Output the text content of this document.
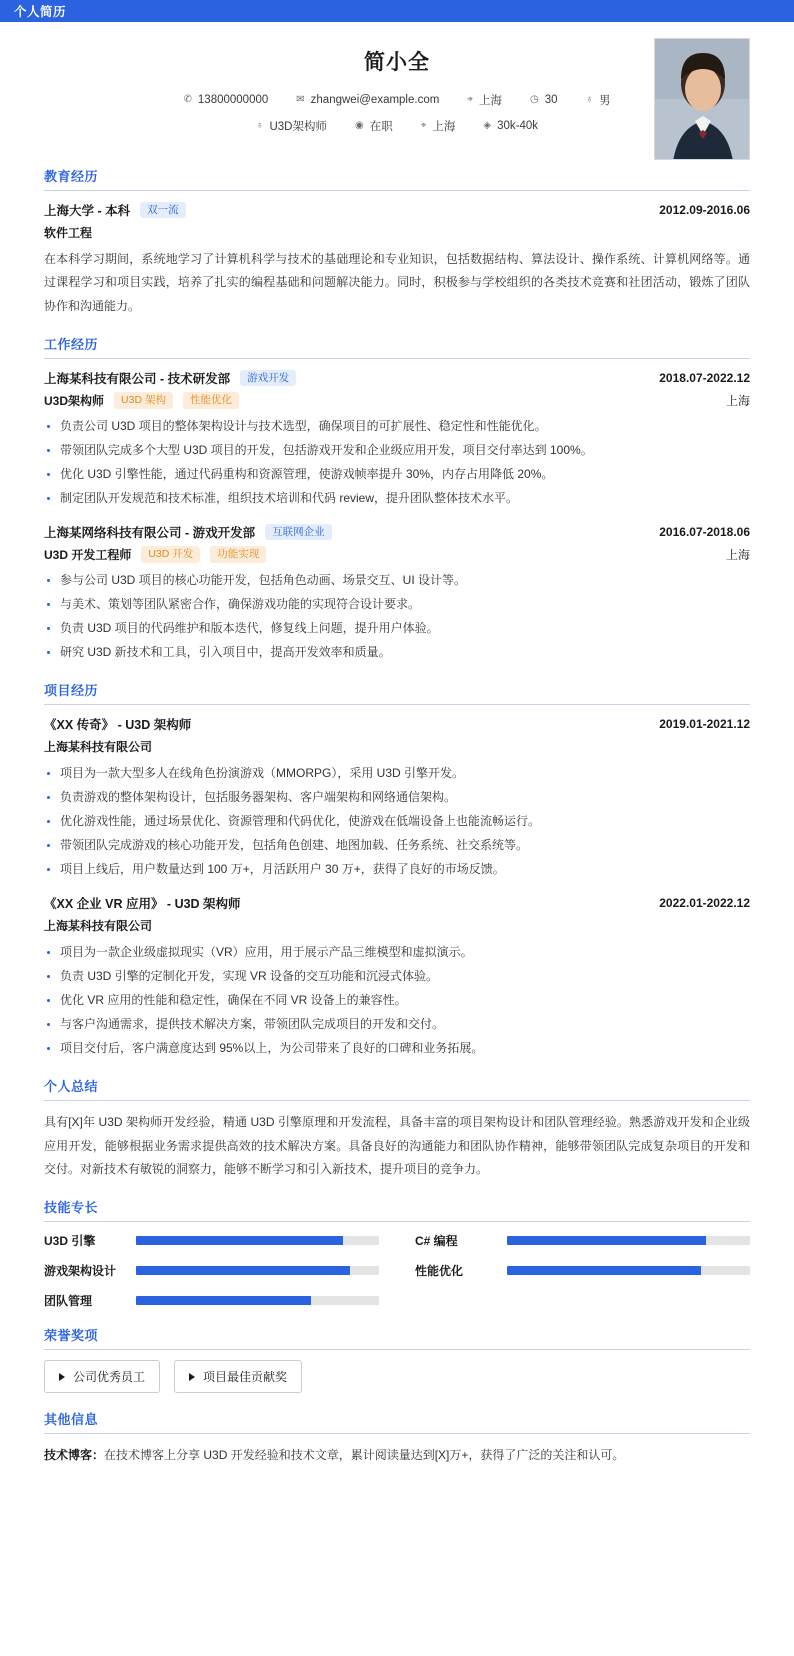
个人简历
简小全
✆ 13800000000	✉ zhangwei@example.com	⌖ 上海	◷ 30	♁ 男
♁ U3D架构师	◉ 在职	⌖ 上海	◈ 30k-40k
教育经历
上海大学 - 本科	双一流	2012.09-2016.06
软件工程

在本科学习期间，系统地学习了计算机科学与技术的基础理论和专业知识，包括数据结构、算法设计、操作系统、计算机网络等。通过课程学习和项目实践，培养了扎实的编程基础和问题解决能力。同时，积极参与学校组织的各类技术竞赛和社团活动，锻炼了团队协作和沟通能力。

工作经历
上海某科技有限公司 - 技术研发部	游戏开发	2018.07-2022.12
U3D架构师	U3D 架构	性能优化	上海
• 负责公司 U3D 项目的整体架构设计与技术选型，确保项目的可扩展性、稳定性和性能优化。
• 带领团队完成多个大型 U3D 项目的开发，包括游戏开发和企业级应用开发，项目交付率达到 100%。
• 优化 U3D 引擎性能，通过代码重构和资源管理，使游戏帧率提升 30%，内存占用降低 20%。
• 制定团队开发规范和技术标准，组织技术培训和代码 review，提升团队整体技术水平。
上海某网络科技有限公司 - 游戏开发部	互联网企业	2016.07-2018.06
U3D 开发工程师	U3D 开发	功能实现	上海
• 参与公司 U3D 项目的核心功能开发，包括角色动画、场景交互、UI 设计等。
• 与美术、策划等团队紧密合作，确保游戏功能的实现符合设计要求。
• 负责 U3D 项目的代码维护和版本迭代，修复线上问题，提升用户体验。
• 研究 U3D 新技术和工具，引入项目中，提高开发效率和质量。
项目经历
《XX 传奇》 - U3D 架构师	2019.01-2021.12
上海某科技有限公司
• 项目为一款大型多人在线角色扮演游戏（MMORPG），采用 U3D 引擎开发。
• 负责游戏的整体架构设计，包括服务器架构、客户端架构和网络通信架构。
• 优化游戏性能，通过场景优化、资源管理和代码优化，使游戏在低端设备上也能流畅运行。
• 带领团队完成游戏的核心功能开发，包括角色创建、地图加载、任务系统、社交系统等。
• 项目上线后，用户数量达到 100 万+，月活跃用户 30 万+，获得了良好的市场反馈。
《XX 企业 VR 应用》 - U3D 架构师	2022.01-2022.12
上海某科技有限公司
• 项目为一款企业级虚拟现实（VR）应用，用于展示产品三维模型和虚拟演示。
• 负责 U3D 引擎的定制化开发，实现 VR 设备的交互功能和沉浸式体验。
• 优化 VR 应用的性能和稳定性，确保在不同 VR 设备上的兼容性。
• 与客户沟通需求，提供技术解决方案，带领团队完成项目的开发和交付。
• 项目交付后，客户满意度达到 95%以上，为公司带来了良好的口碑和业务拓展。
个人总结

具有[X]年 U3D 架构师开发经验，精通 U3D 引擎原理和开发流程，具备丰富的项目架构设计和团队管理经验。熟悉游戏开发和企业级应用开发，能够根据业务需求提供高效的技术解决方案。具备良好的沟通能力和团队协作精神，能够带领团队完成复杂项目的开发和交付。对新技术有敏锐的洞察力，能够不断学习和引入新技术，提升项目的竞争力。

技能专长
U3D 引擎	C# 编程
游戏架构设计	性能优化
团队管理
荣誉奖项
公司优秀员工	项目最佳贡献奖
其他信息
技术博客：在技术博客上分享 U3D 开发经验和技术文章，累计阅读量达到[X]万+，获得了广泛的关注和认可。
